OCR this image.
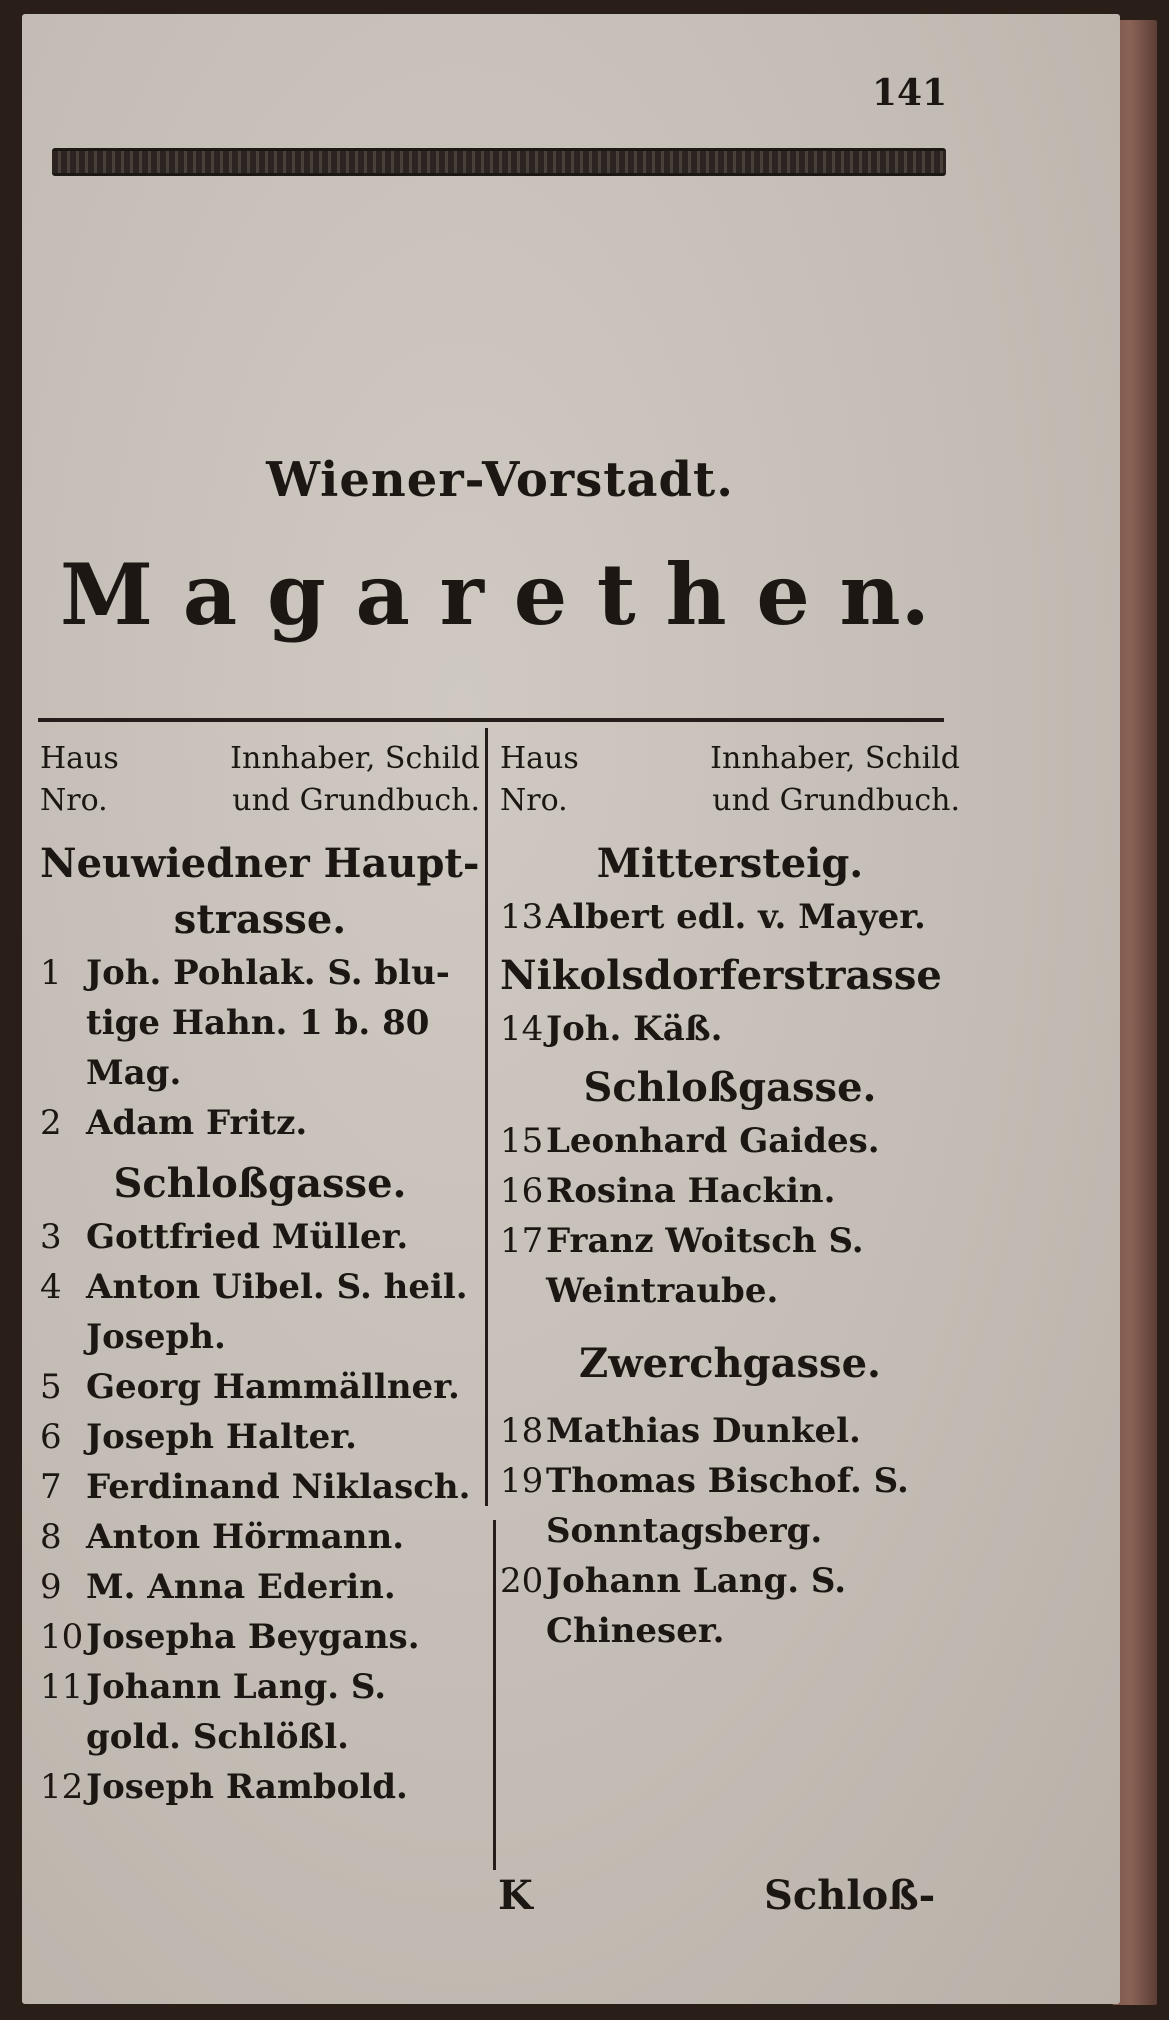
141
Wiener-Vorstadt.
M a g a r e t h e n.
Haus	Innhaber, Schild
Nro.	und Grundbuch.
Neuwiedner Haupt-
strasse.
1 Joh. Pohlak. S. blu-tige Hahn. 1 b. 80 Mag.
2 Adam Fritz.
Schloßgasse.
3 Gottfried Müller.
4 Anton Uibel. S. heil. Joseph.
5 Georg Hammällner.
6 Joseph Halter.
7 Ferdinand Niklasch.
8 Anton Hörmann.
9 M. Anna Ederin.
10 Josepha Beygans.
11 Johann Lang. S. gold. Schlößl.
12 Joseph Rambold.
Haus	Innhaber, Schild
Nro.	und Grundbuch.
Mittersteig.
13 Albert edl. v. Mayer.
Nikolsdorferstrasse
14 Joh. Käß.
Schloßgasse.
15 Leonhard Gaides.
16 Rosina Hackin.
17 Franz Woitsch S. Weintraube.
Zwerchgasse.
18 Mathias Dunkel.
19 Thomas Bischof. S. Sonntagsberg.
20 Johann Lang. S. Chineser.
K	Schloß-
